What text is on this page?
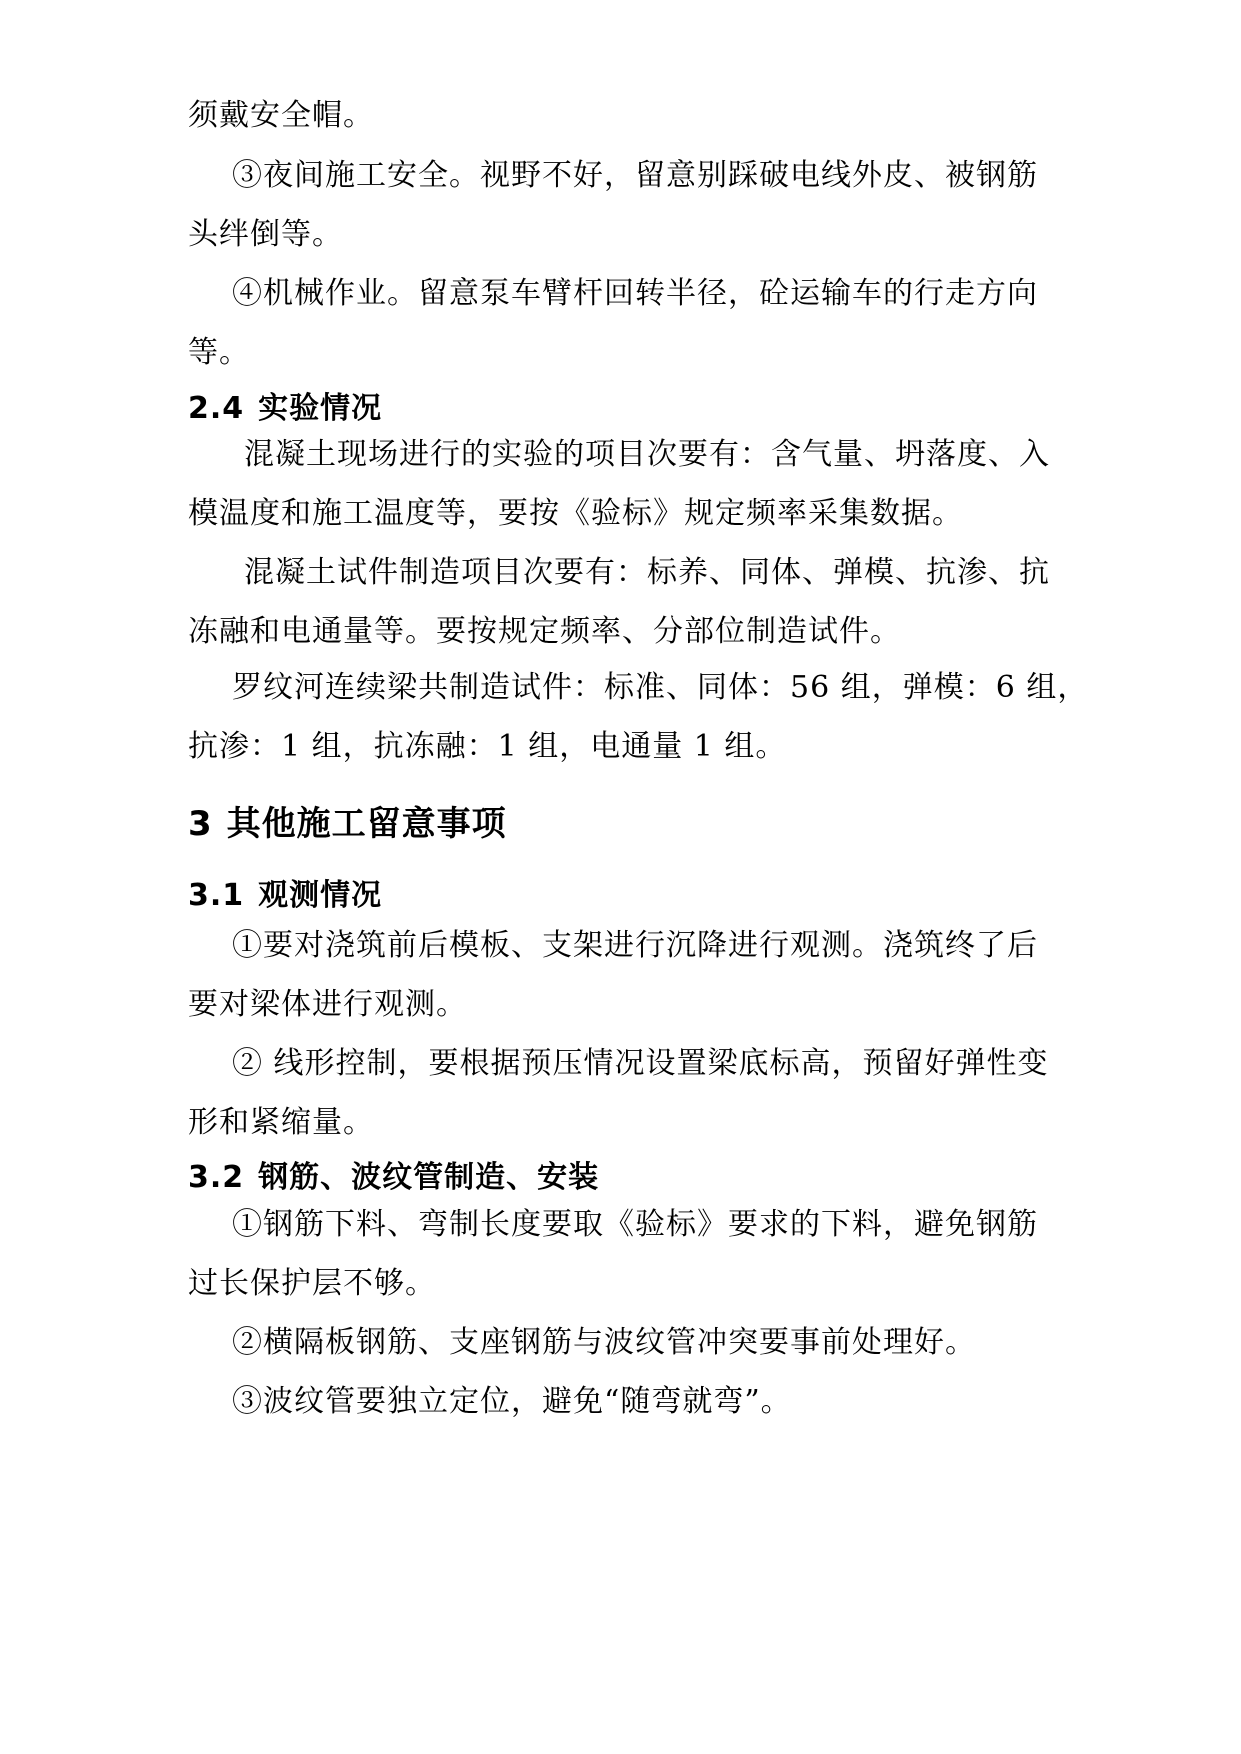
须戴安全帽。
③夜间施工安全。视野不好，留意别踩破电线外皮、被钢筋
头绊倒等。
④机械作业。留意泵车臂杆回转半径，砼运输车的行走方向
等。
2.4 实验情况
混凝土现场进行的实验的项目次要有：含气量、坍落度、入
模温度和施工温度等，要按《验标》规定频率采集数据。
混凝土试件制造项目次要有：标养、同体、弹模、抗渗、抗
冻融和电通量等。要按规定频率、分部位制造试件。
罗纹河连续梁共制造试件：标准、同体：56 组，弹模：6 组，
抗渗：1 组，抗冻融：1 组，电通量 1 组。
3 其他施工留意事项
3.1 观测情况
①要对浇筑前后模板、支架进行沉降进行观测。浇筑终了后
要对梁体进行观测。
② 线形控制，要根据预压情况设置梁底标高，预留好弹性变
形和紧缩量。
3.2 钢筋、波纹管制造、安装
①钢筋下料、弯制长度要取《验标》要求的下料，避免钢筋
过长保护层不够。
②横隔板钢筋、支座钢筋与波纹管冲突要事前处理好。
③波纹管要独立定位，避免“随弯就弯”。
